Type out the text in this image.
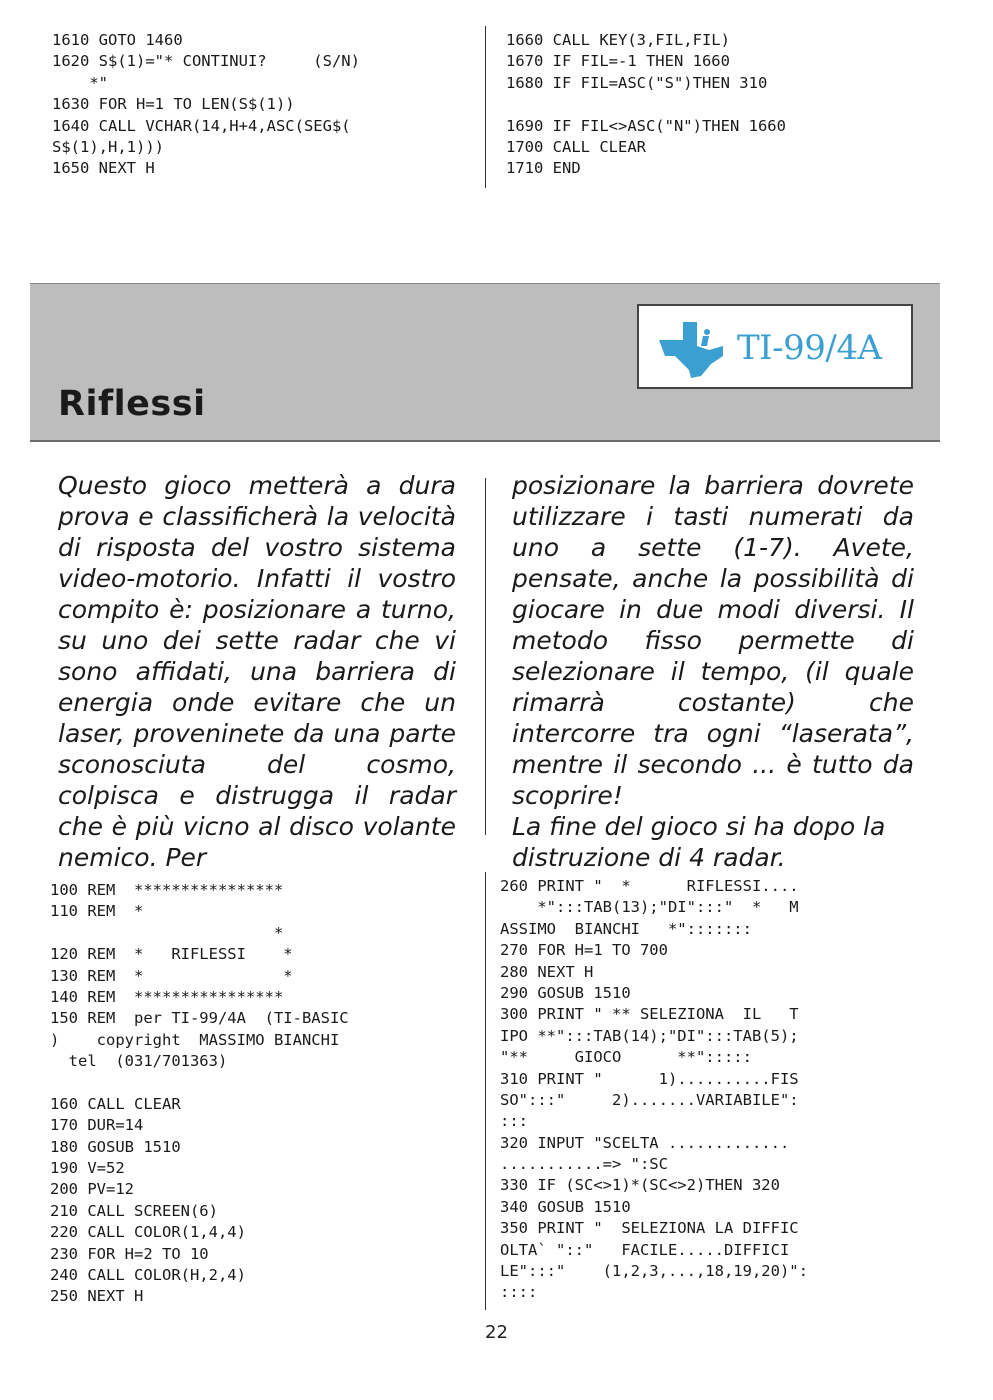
1610 GOTO 1460
1620 S$(1)="* CONTINUI?     (S/N)
*"
1630 FOR H=1 TO LEN(S$(1))
1640 CALL VCHAR(14,H+4,ASC(SEG$(
S$(1),H,1)))
1650 NEXT H
1660 CALL KEY(3,FIL,FIL)
1670 IF FIL=-1 THEN 1660
1680 IF FIL=ASC("S")THEN 310
1690 IF FIL<>ASC("N")THEN 1660
1700 CALL CLEAR
1710 END
TI-99/4A
Riflessi

Questo gioco metterà a dura prova e classificherà la velocità di risposta del vostro sistema video-motorio. Infatti il vostro compito è: posizionare a turno, su uno dei sette radar che vi sono affidati, una barriera di energia onde evitare che un laser, proveninete da una parte sconosciuta del cosmo, colpisca e distrugga il radar che è più vicno al disco volante nemico. Per

posizionare la barriera dovrete utilizzare i tasti numerati da uno a sette (1-7). Avete, pensate, anche la possibilità di giocare in due modi diversi. Il metodo fisso permette di selezionare il tempo, (il quale rimarrà costante) che intercorre tra ogni “laserata”, mentre il secondo ... è tutto da scoprire!

La fine del gioco si ha dopo la distruzione di 4 radar.

100 REM  ****************
110 REM  *
*
120 REM  *   RIFLESSI    *
130 REM  *               *
140 REM  ****************
150 REM  per TI-99/4A  (TI-BASIC
)    copyright  MASSIMO BIANCHI
tel  (031/701363)
160 CALL CLEAR
170 DUR=14
180 GOSUB 1510
190 V=52
200 PV=12
210 CALL SCREEN(6)
220 CALL COLOR(1,4,4)
230 FOR H=2 TO 10
240 CALL COLOR(H,2,4)
250 NEXT H
260 PRINT "  *      RIFLESSI....
*":::TAB(13);"DI":::"  *   M
ASSIMO  BIANCHI   *":::::::
270 FOR H=1 TO 700
280 NEXT H
290 GOSUB 1510
300 PRINT " ** SELEZIONA  IL   T
IPO **":::TAB(14);"DI":::TAB(5);
"**     GIOCO      **":::::
310 PRINT "      1)..........FIS
SO":::"     2).......VARIABILE":
:::
320 INPUT "SCELTA .............
...........=> ":SC
330 IF (SC<>1)*(SC<>2)THEN 320
340 GOSUB 1510
350 PRINT "  SELEZIONA LA DIFFIC
OLTA` "::"   FACILE.....DIFFICI
LE":::"    (1,2,3,...,18,19,20)":
::::
22
